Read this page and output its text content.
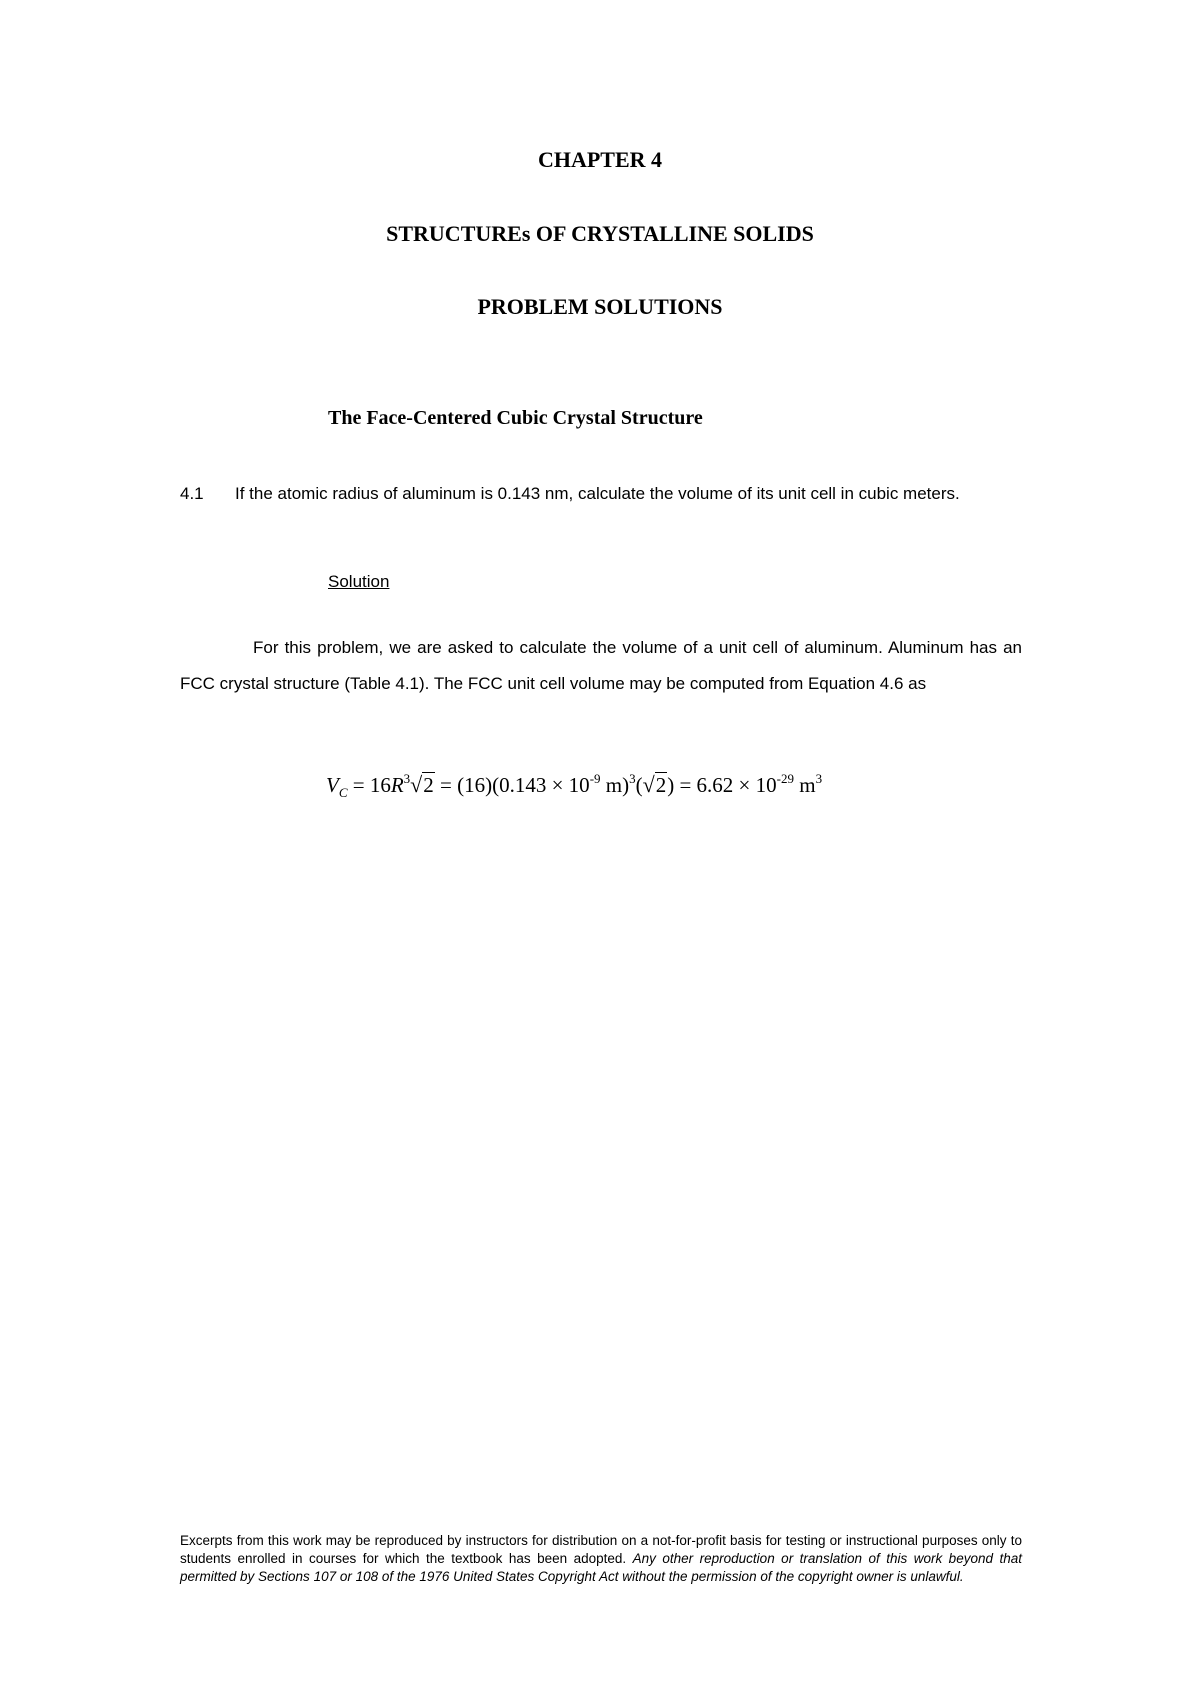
CHAPTER 4
STRUCTUREs OF CRYSTALLINE SOLIDS
PROBLEM SOLUTIONS
The Face-Centered Cubic Crystal Structure
4.1 If the atomic radius of aluminum is 0.143 nm, calculate the volume of its unit cell in cubic meters.
Solution
For this problem, we are asked to calculate the volume of a unit cell of aluminum. Aluminum has an FCC crystal structure (Table 4.1). The FCC unit cell volume may be computed from Equation 4.6 as
$V_C = 16R^3√2 = (16)(0.143 \times 10^{-9}$ $m)^3(√2) = 6.62 \times 10^{-29}$ $m^3$
Excerpts from this work may be reproduced by instructors for distribution on a not-for-profit basis for testing or instructional purposes only to students enrolled in courses for which the textbook has been adopted. Any other reproduction or translation of this work beyond that permitted by Sections 107 or 108 of the 1976 United States Copyright Act without the permission of the copyright owner is unlawful.
